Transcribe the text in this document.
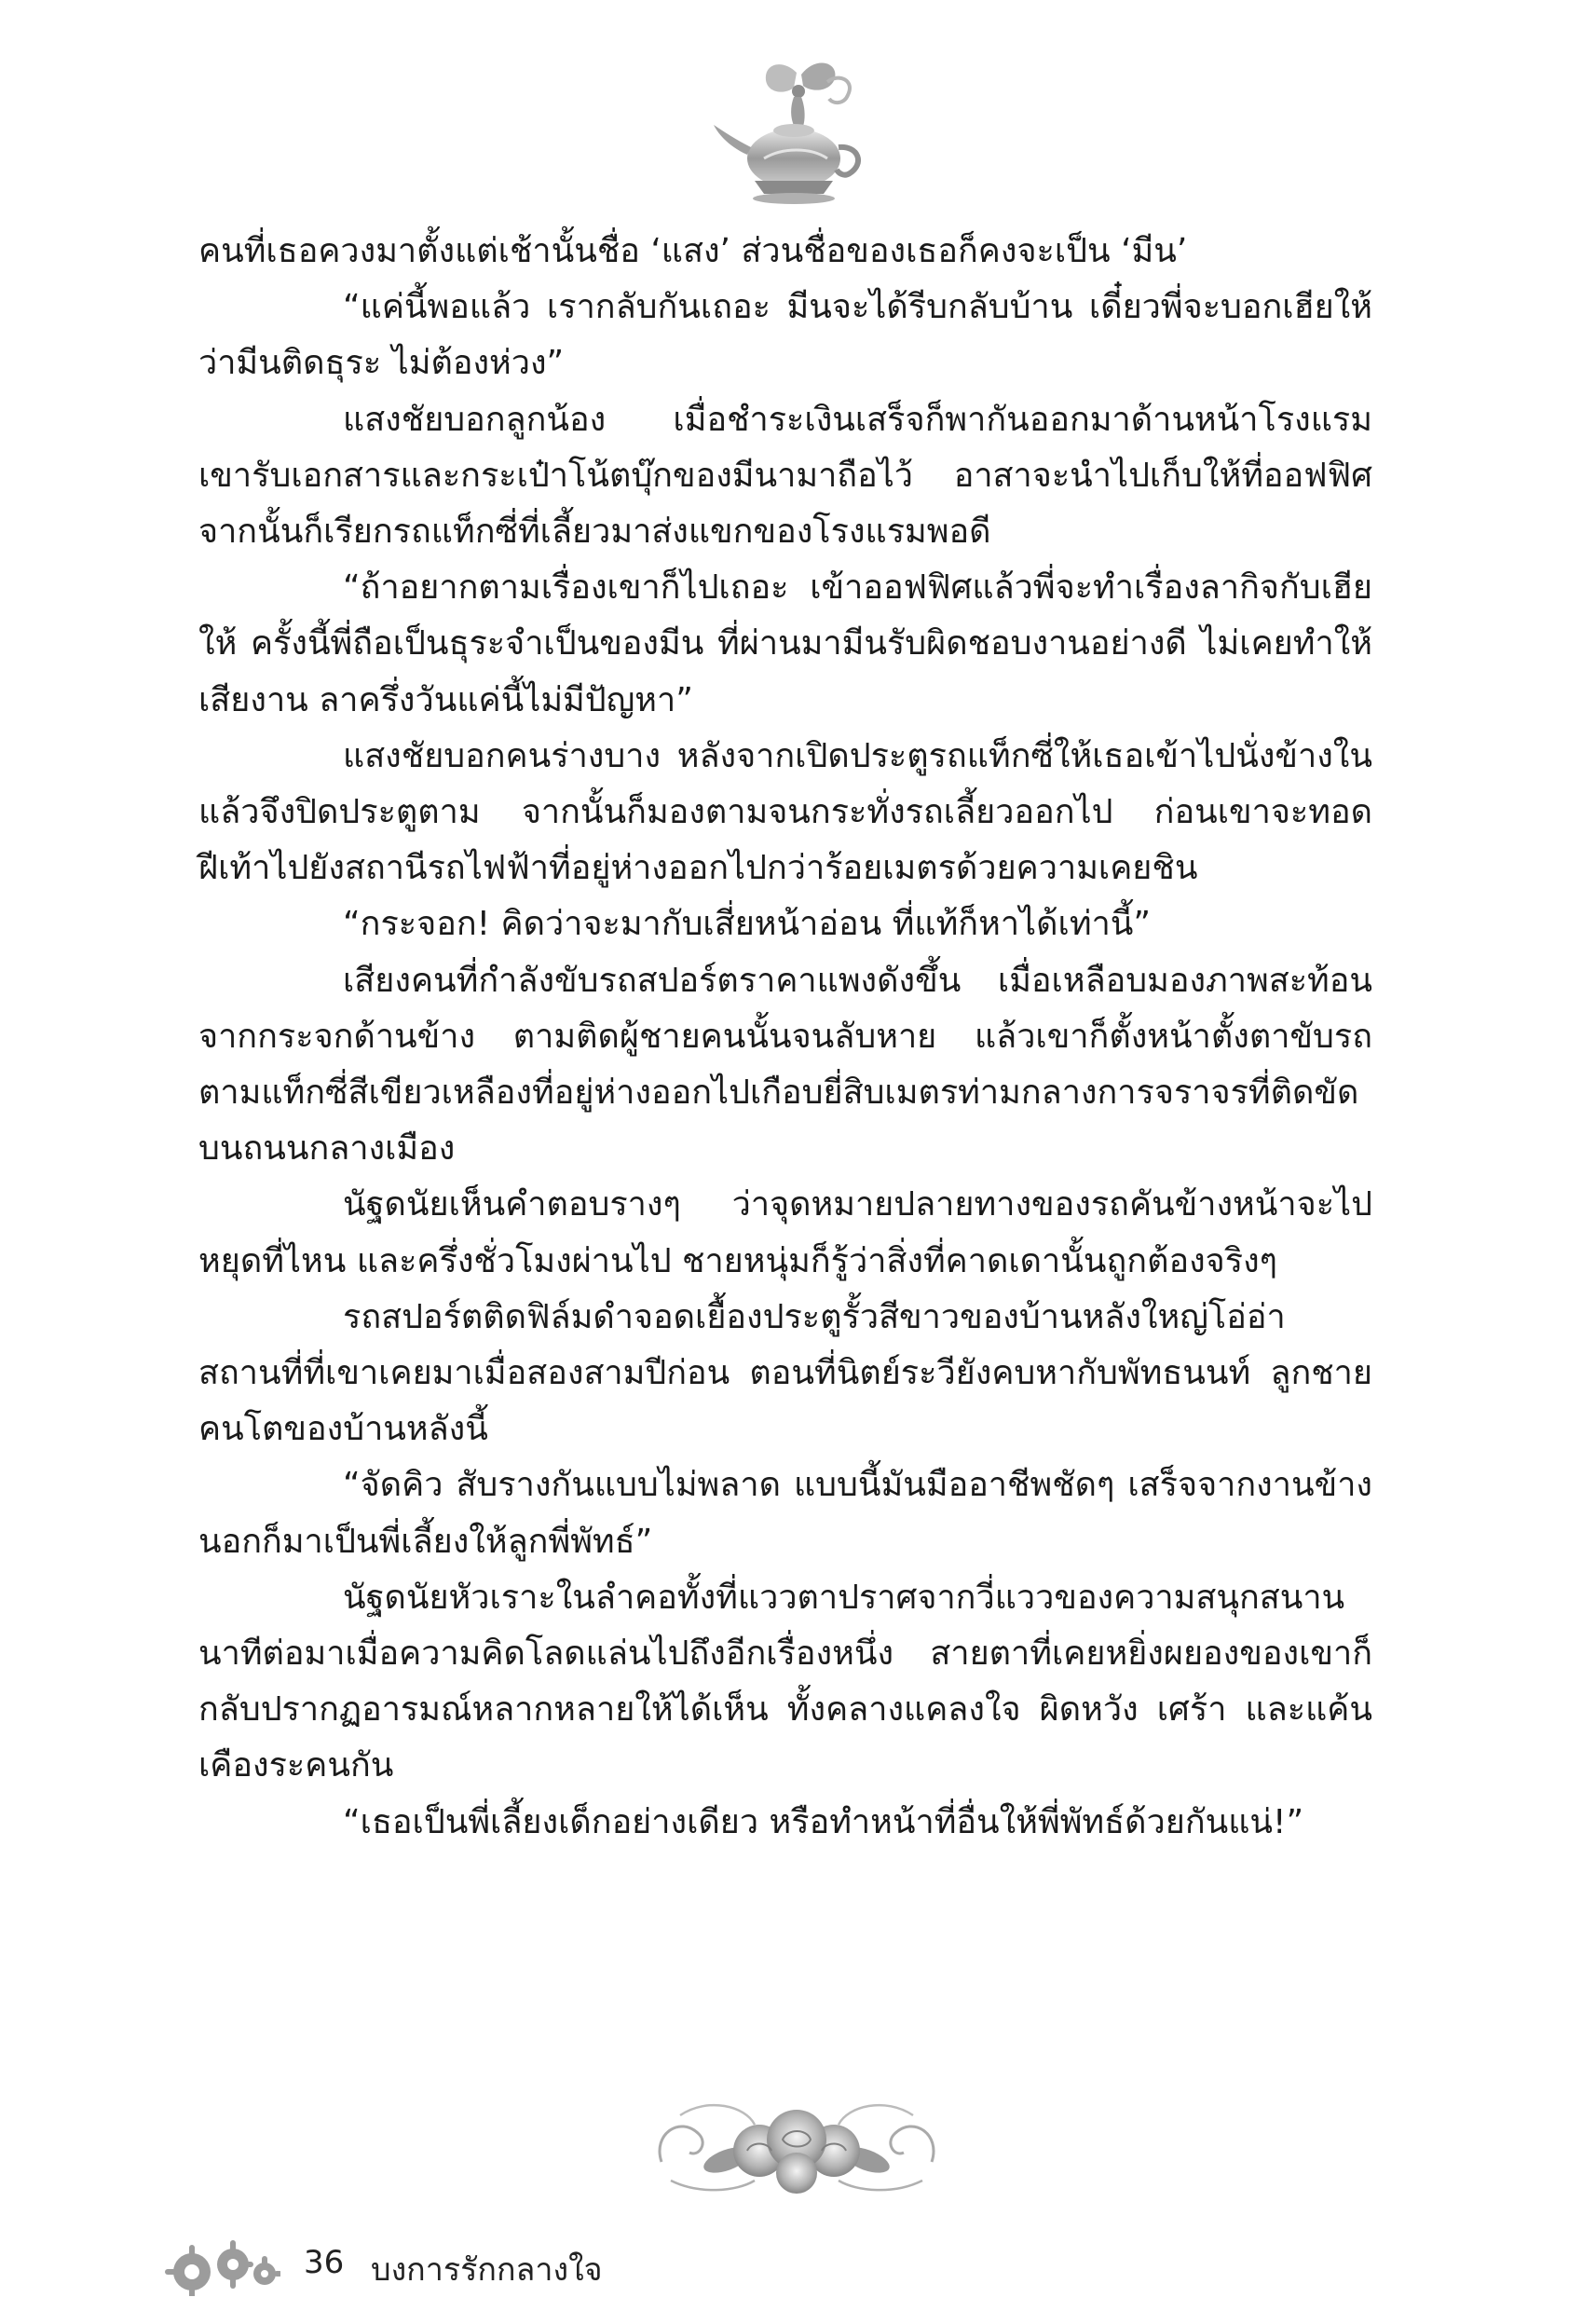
คนที่เธอควงมาตั้งแต่เช้านั้นชื่อ ‘แสง’ ส่วนชื่อของเธอก็คงจะเป็น ‘มีน’

“แค่นี้พอแล้ว เรากลับกันเถอะ มีนจะได้รีบกลับบ้าน เดี๋ยวพี่จะบอกเฮียให้ว่ามีนติดธุระ ไม่ต้องห่วง”

แสงชัยบอกลูกน้อง เมื่อชำระเงินเสร็จก็พากันออกมาด้านหน้าโรงแรม เขารับเอกสารและกระเป๋าโน้ตบุ๊กของมีนามาถือไว้ อาสาจะนำไปเก็บให้ที่ออฟฟิศ จากนั้นก็เรียกรถแท็กซี่ที่เลี้ยวมาส่งแขกของโรงแรมพอดี

“ถ้าอยากตามเรื่องเขาก็ไปเถอะ เข้าออฟฟิศแล้วพี่จะทำเรื่องลากิจกับเฮียให้ ครั้งนี้พี่ถือเป็นธุระจำเป็นของมีน ที่ผ่านมามีนรับผิดชอบงานอย่างดี ไม่เคยทำให้เสียงาน ลาครึ่งวันแค่นี้ไม่มีปัญหา”

แสงชัยบอกคนร่างบาง หลังจากเปิดประตูรถแท็กซี่ให้เธอเข้าไปนั่งข้างใน แล้วจึงปิดประตูตาม จากนั้นก็มองตามจนกระทั่งรถเลี้ยวออกไป ก่อนเขาจะทอดฝีเท้าไปยังสถานีรถไฟฟ้าที่อยู่ห่างออกไปกว่าร้อยเมตรด้วยความเคยชิน

“กระจอก! คิดว่าจะมากับเสี่ยหน้าอ่อน ที่แท้ก็หาได้เท่านี้”

เสียงคนที่กำลังขับรถสปอร์ตราคาแพงดังขึ้น เมื่อเหลือบมองภาพสะท้อนจากกระจกด้านข้าง ตามติดผู้ชายคนนั้นจนลับหาย แล้วเขาก็ตั้งหน้าตั้งตาขับรถตามแท็กซี่สีเขียวเหลืองที่อยู่ห่างออกไปเกือบยี่สิบเมตรท่ามกลางการจราจรที่ติดขัดบนถนนกลางเมือง

นัฐดนัยเห็นคำตอบรางๆ ว่าจุดหมายปลายทางของรถคันข้างหน้าจะไปหยุดที่ไหน และครึ่งชั่วโมงผ่านไป ชายหนุ่มก็รู้ว่าสิ่งที่คาดเดานั้นถูกต้องจริงๆ

รถสปอร์ตติดฟิล์มดำจอดเยื้องประตูรั้วสีขาวของบ้านหลังใหญ่โอ่อ่า สถานที่ที่เขาเคยมาเมื่อสองสามปีก่อน ตอนที่นิตย์ระวียังคบหากับพัทธนนท์ ลูกชายคนโตของบ้านหลังนี้

“จัดคิว สับรางกันแบบไม่พลาด แบบนี้มันมืออาชีพชัดๆ เสร็จจากงานข้างนอกก็มาเป็นพี่เลี้ยงให้ลูกพี่พัทธ์”

นัฐดนัยหัวเราะในลำคอทั้งที่แววตาปราศจากวี่แววของความสนุกสนาน นาทีต่อมาเมื่อความคิดโลดแล่นไปถึงอีกเรื่องหนึ่ง สายตาที่เคยหยิ่งผยองของเขาก็กลับปรากฏอารมณ์หลากหลายให้ได้เห็น ทั้งคลางแคลงใจ ผิดหวัง เศร้า และแค้นเคืองระคนกัน

“เธอเป็นพี่เลี้ยงเด็กอย่างเดียว หรือทำหน้าที่อื่นให้พี่พัทธ์ด้วยกันแน่!”

36 บงการรักกลางใจ
